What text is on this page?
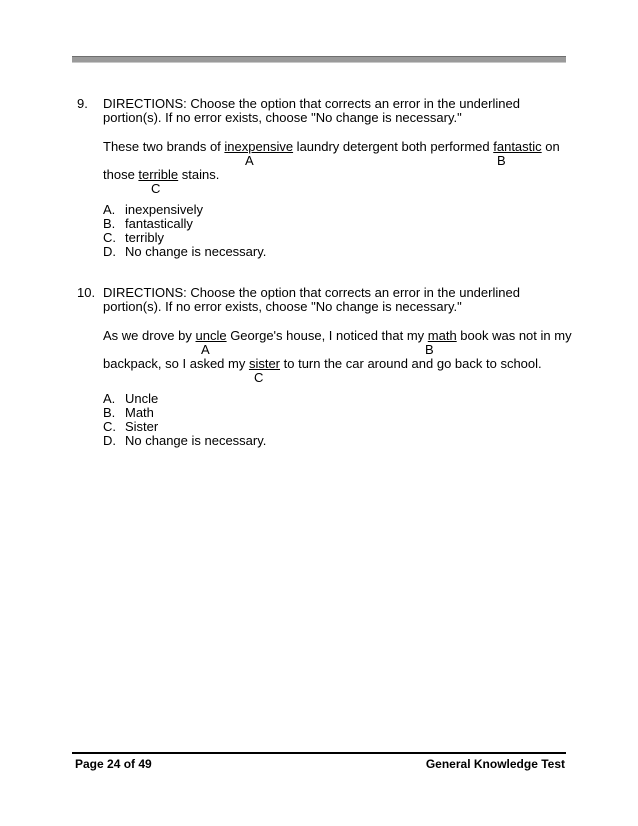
9. DIRECTIONS: Choose the option that corrects an error in the underlined
portion(s). If no error exists, choose "No change is necessary."
These two brands of inexpensive laundry detergent both performed fantastic on
A	B
those terrible stains.
C
A. inexpensively
B. fantastically
C. terribly
D. No change is necessary.
10. DIRECTIONS: Choose the option that corrects an error in the underlined
portion(s). If no error exists, choose "No change is necessary."
As we drove by uncle George's house, I noticed that my math book was not in my
A	B
backpack, so I asked my sister to turn the car around and go back to school.
C
A. Uncle
B. Math
C. Sister
D. No change is necessary.
Page 24 of 49	General Knowledge Test
